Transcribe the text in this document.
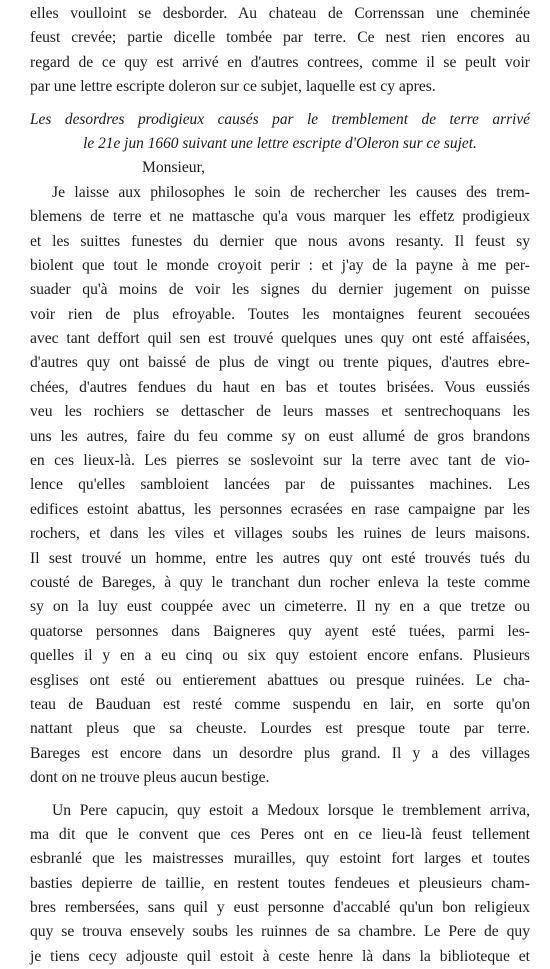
elles voulloint se desborder. Au chateau de Correnssan une cheminée
feust crevée; partie dicelle tombée par terre. Ce nest rien encores au
regard de ce quy est arrivé en d'autres contrees, comme il se peult voir
par une lettre escripte doleron sur ce subjet, laquelle est cy apres.
Les desordres prodigieux causés par le tremblement de terre arrivé
le 21e jun 1660 suivant une lettre escripte d'Oleron sur ce sujet.
Monsieur,
Je laisse aux philosophes le soin de rechercher les causes des trem-
blemens de terre et ne mattasche qu'a vous marquer les effetz prodigieux
et les suittes funestes du dernier que nous avons resanty. Il feust sy
biolent que tout le monde croyoit perir : et j'ay de la payne à me per-
suader qu'à moins de voir les signes du dernier jugement on puisse
voir rien de plus efroyable. Toutes les montaignes feurent secouées
avec tant deffort quil sen est trouvé quelques unes quy ont esté affaisées,
d'autres quy ont baissé de plus de vingt ou trente piques, d'autres ebre-
chées, d'autres fendues du haut en bas et toutes brisées. Vous eussiés
veu les rochiers se dettascher de leurs masses et sentrechoquans les
uns les autres, faire du feu comme sy on eust allumé de gros brandons
en ces lieux-là. Les pierres se soslevoint sur la terre avec tant de vio-
lence qu'elles sambloient lancées par de puissantes machines. Les
edifices estoint abattus, les personnes ecrasées en rase campaigne par les
rochers, et dans les viles et villages soubs les ruines de leurs maisons.
Il sest trouvé un homme, entre les autres quy ont esté trouvés tués du
cousté de Bareges, à quy le tranchant dun rocher enleva la teste comme
sy on la luy eust couppée avec un cimeterre. Il ny en a que tretze ou
quatorse personnes dans Baigneres quy ayent esté tuées, parmi les-
quelles il y en a eu cinq ou six quy estoient encore enfans. Plusieurs
esglises ont esté ou entierement abattues ou presque ruinées. Le cha-
teau de Bauduan est resté comme suspendu en lair, en sorte qu'on
nattant pleus que sa cheuste. Lourdes est presque toute par terre.
Bareges est encore dans un desordre plus grand. Il y a des villages
dont on ne trouve pleus aucun bestige.
Un Pere capucin, quy estoit a Medoux lorsque le tremblement arriva,
ma dit que le convent que ces Peres ont en ce lieu-là feust tellement
esbranlé que les maistresses murailles, quy estoint fort larges et toutes
basties depierre de taillie, en restent toutes fendeues et pleusieurs cham-
bres rembersées, sans quil y eust personne d'accablé qu'un bon religieux
quy se trouva ensevely soubs les ruinnes de sa chambre. Le Pere de quy
je tiens cecy adjouste quil estoit à ceste henre là dans la biblioteque et
